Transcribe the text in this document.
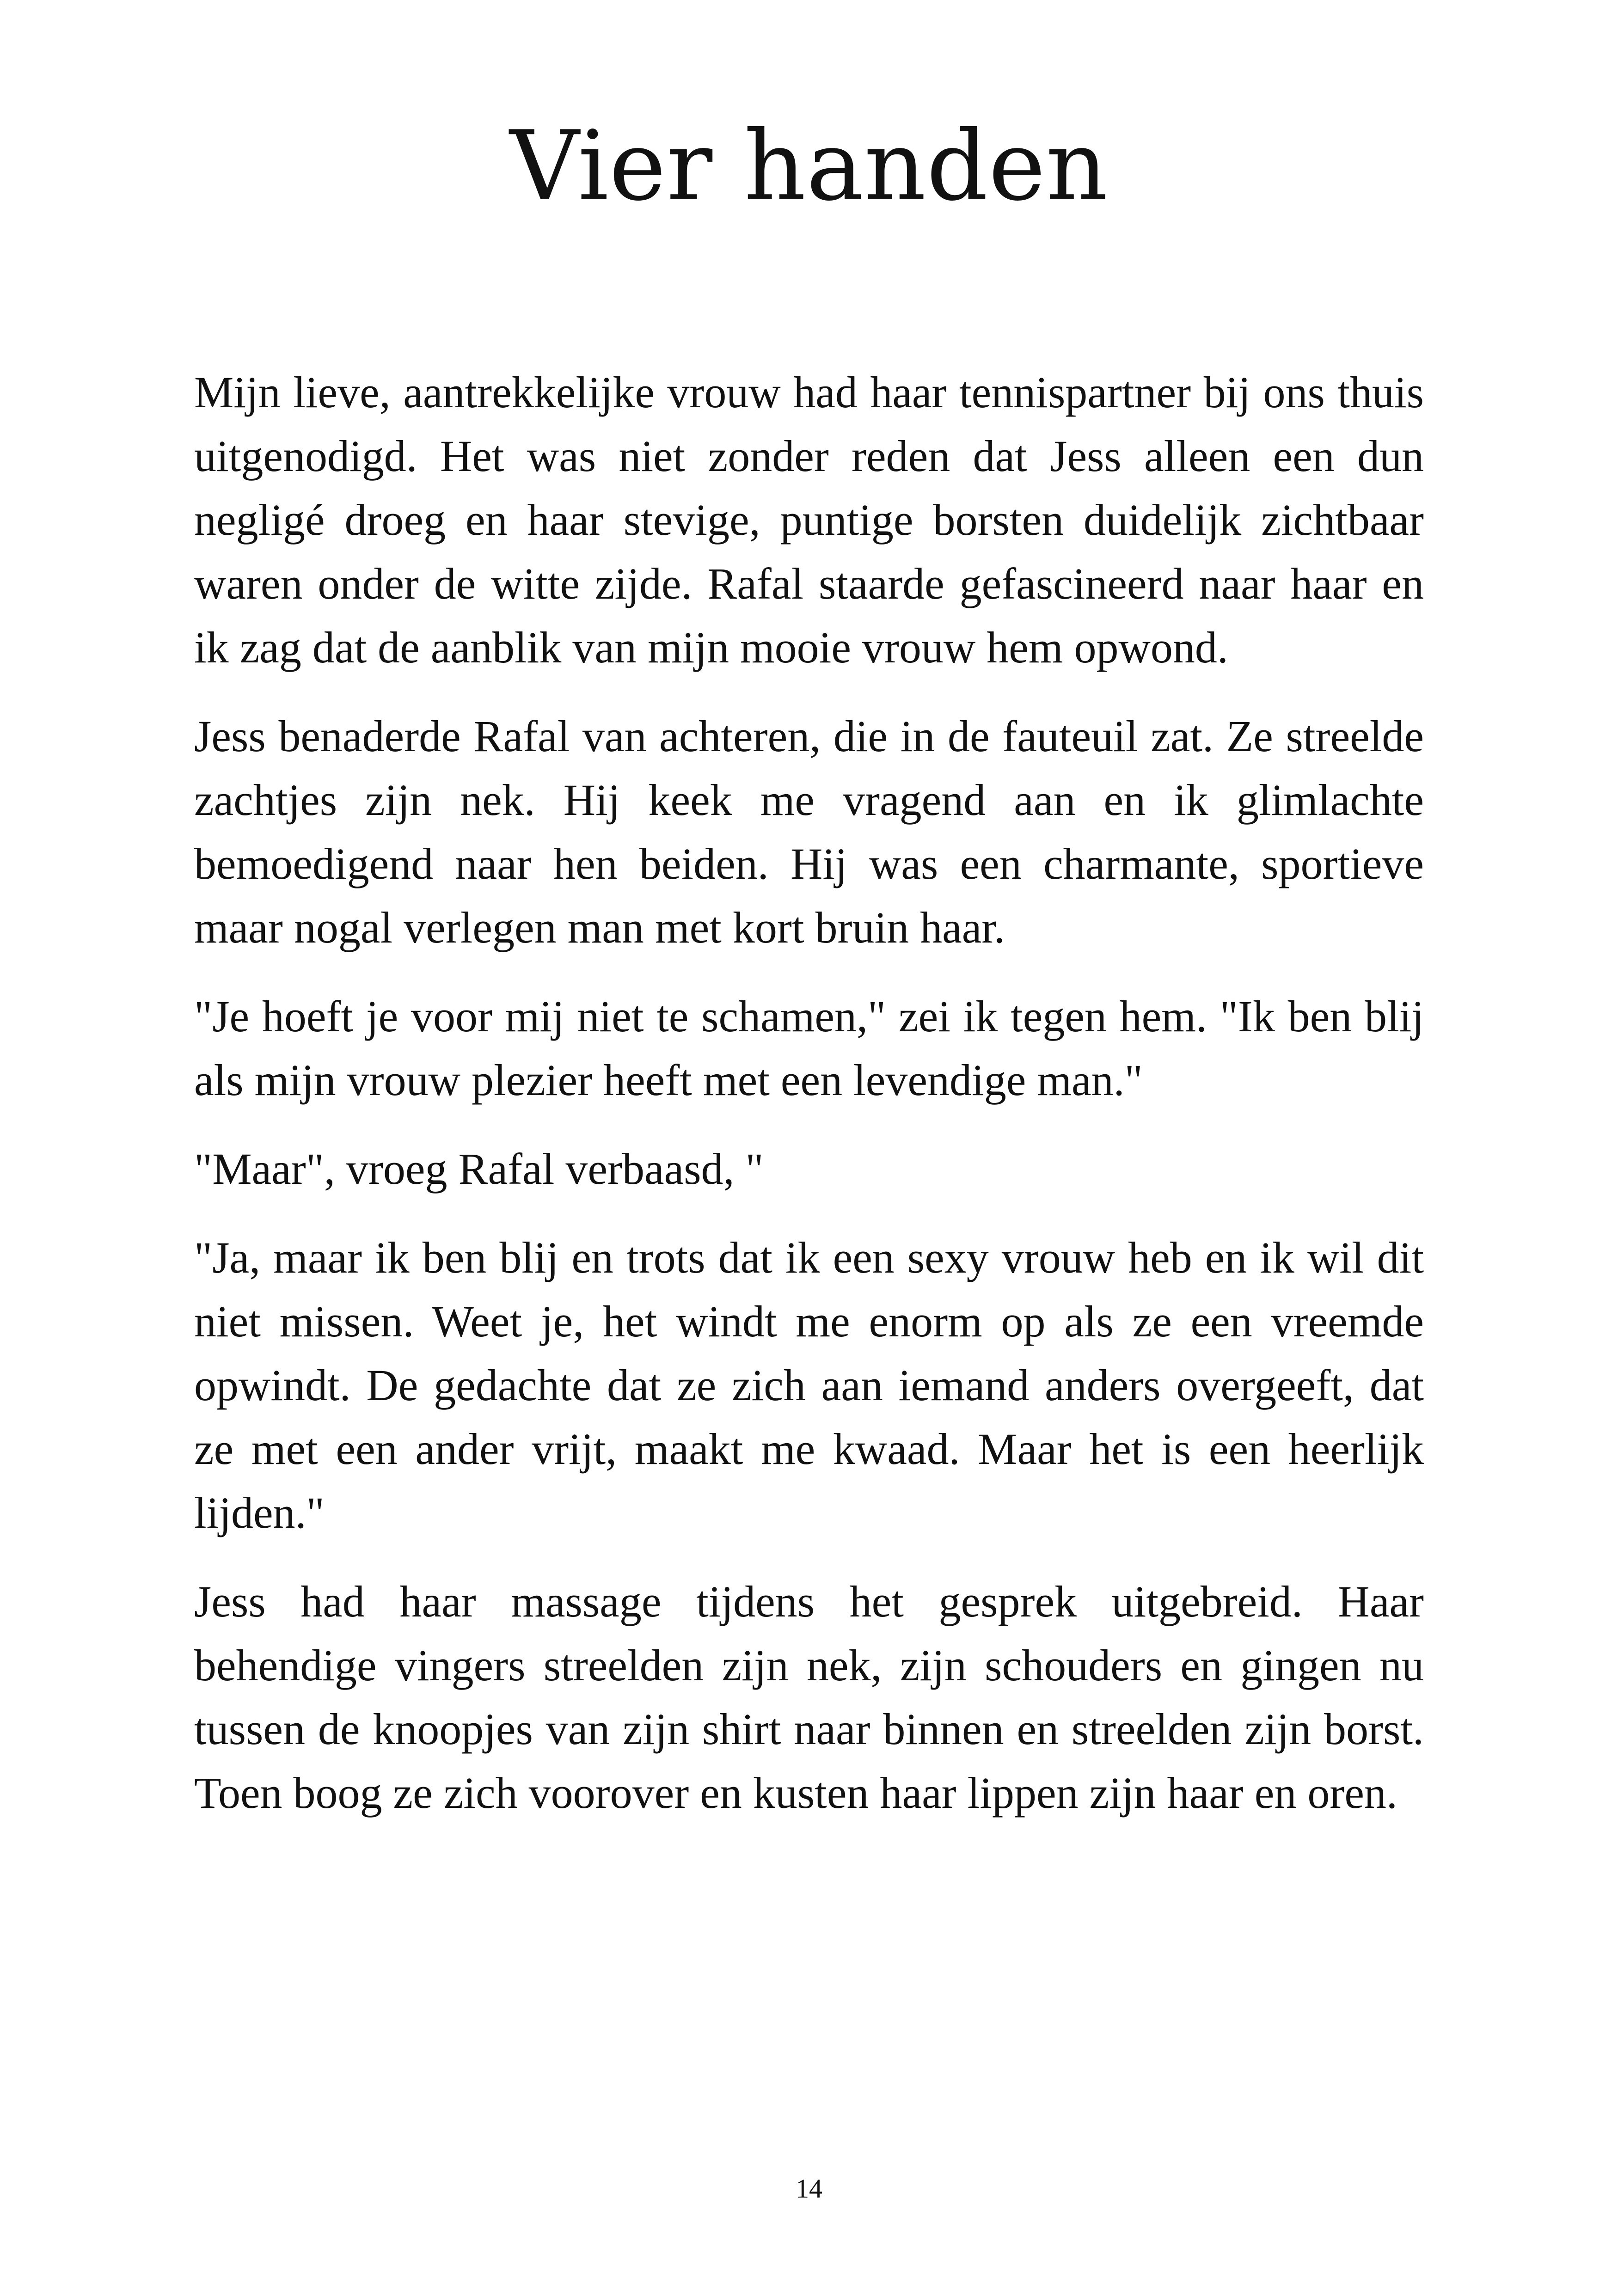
Vier handen

Mijn lieve, aantrekkelijke vrouw had haar tennispartner bij ons thuis uitgenodigd. Het was niet zonder reden dat Jess alleen een dun negligé droeg en haar stevige, puntige borsten duidelijk zichtbaar waren onder de witte zijde. Rafal staarde gefascineerd naar haar en ik zag dat de aanblik van mijn mooie vrouw hem opwond.

Jess benaderde Rafal van achteren, die in de fauteuil zat. Ze streelde zachtjes zijn nek. Hij keek me vragend aan en ik glimlachte bemoedigend naar hen beiden. Hij was een charmante, sportieve maar nogal verlegen man met kort bruin haar.

"Je hoeft je voor mij niet te schamen," zei ik tegen hem. "Ik ben blij als mijn vrouw plezier heeft met een levendige man."

"Maar", vroeg Rafal verbaasd, "

"Ja, maar ik ben blij en trots dat ik een sexy vrouw heb en ik wil dit niet missen. Weet je, het windt me enorm op als ze een vreemde opwindt. De gedachte dat ze zich aan iemand anders overgeeft, dat ze met een ander vrijt, maakt me kwaad. Maar het is een heerlijk lijden."

Jess had haar massage tijdens het gesprek uitgebreid. Haar behendige vingers streelden zijn nek, zijn schouders en gingen nu tussen de knoopjes van zijn shirt naar binnen en streelden zijn borst. Toen boog ze zich voorover en kusten haar lippen zijn haar en oren.

14
